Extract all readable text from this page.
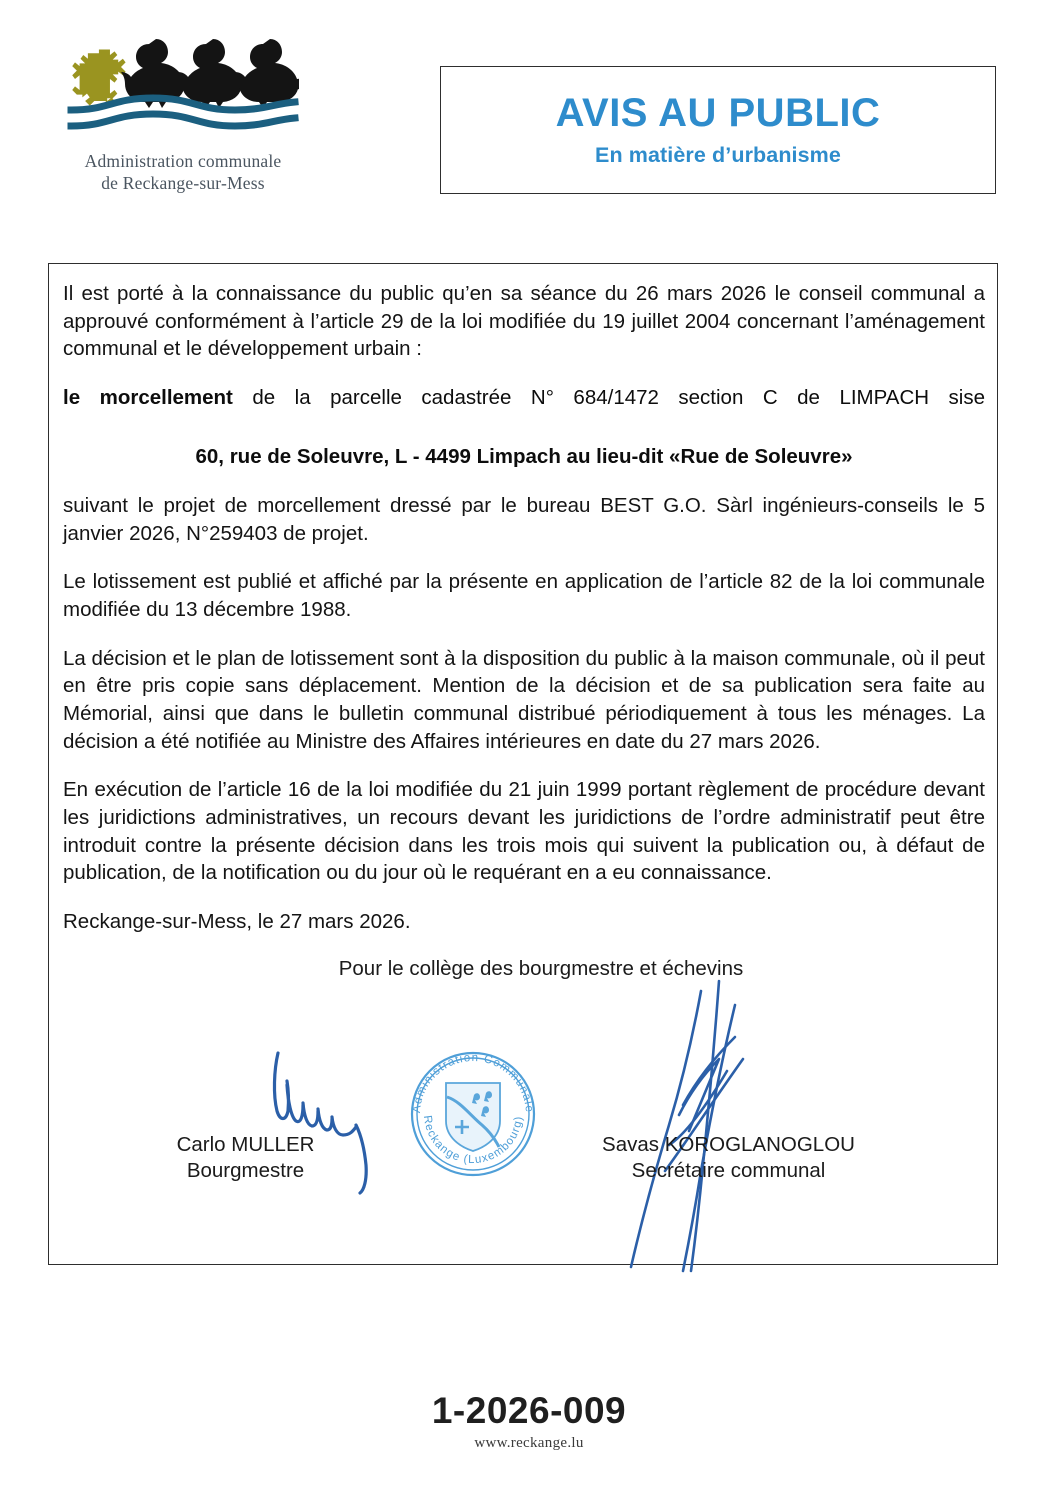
Administration communale
de Reckange-sur-Mess
AVIS AU PUBLIC
En matière d’urbanisme

Il est porté à la connaissance du public qu’en sa séance du 26 mars 2026 le conseil communal a approuvé conformément à l’article 29 de la loi modifiée du 19 juillet 2004 concernant l’aménagement communal et le développement urbain :

le morcellement de la parcelle cadastrée N° 684/1472 section C de LIMPACH sise
60, rue de Soleuvre, L - 4499 Limpach au lieu-dit «Rue de Soleuvre»

suivant le projet de morcellement dressé par le bureau BEST G.O. Sàrl ingénieurs-conseils le 5 janvier 2026, N°259403 de projet.

Le lotissement est publié et affiché par la présente en application de l’article 82 de la loi communale modifiée du 13 décembre 1988.

La décision et le plan de lotissement sont à la disposition du public à la maison communale, où il peut en être pris copie sans déplacement. Mention de la décision et de sa publication sera faite au Mémorial, ainsi que dans le bulletin communal distribué périodiquement à tous les ménages. La décision a été notifiée au Ministre des Affaires intérieures en date du 27 mars 2026.

En exécution de l’article 16 de la loi modifiée du 21 juin 1999 portant règlement de procédure devant les juridictions administratives, un recours devant les juridictions de l’ordre administratif peut être introduit contre la présente décision dans les trois mois qui suivent la publication ou, à défaut de publication, de la notification ou du jour où le requérant en a eu connaissance.

Reckange-sur-Mess, le 27 mars 2026.

Pour le collège des bourgmestre et échevins

Administration Communale
Reckange (Luxembourg)
Carlo MULLER
Bourgmestre
Savas KOROGLANOGLOU
Secrétaire communal
1-2026-009
www.reckange.lu
